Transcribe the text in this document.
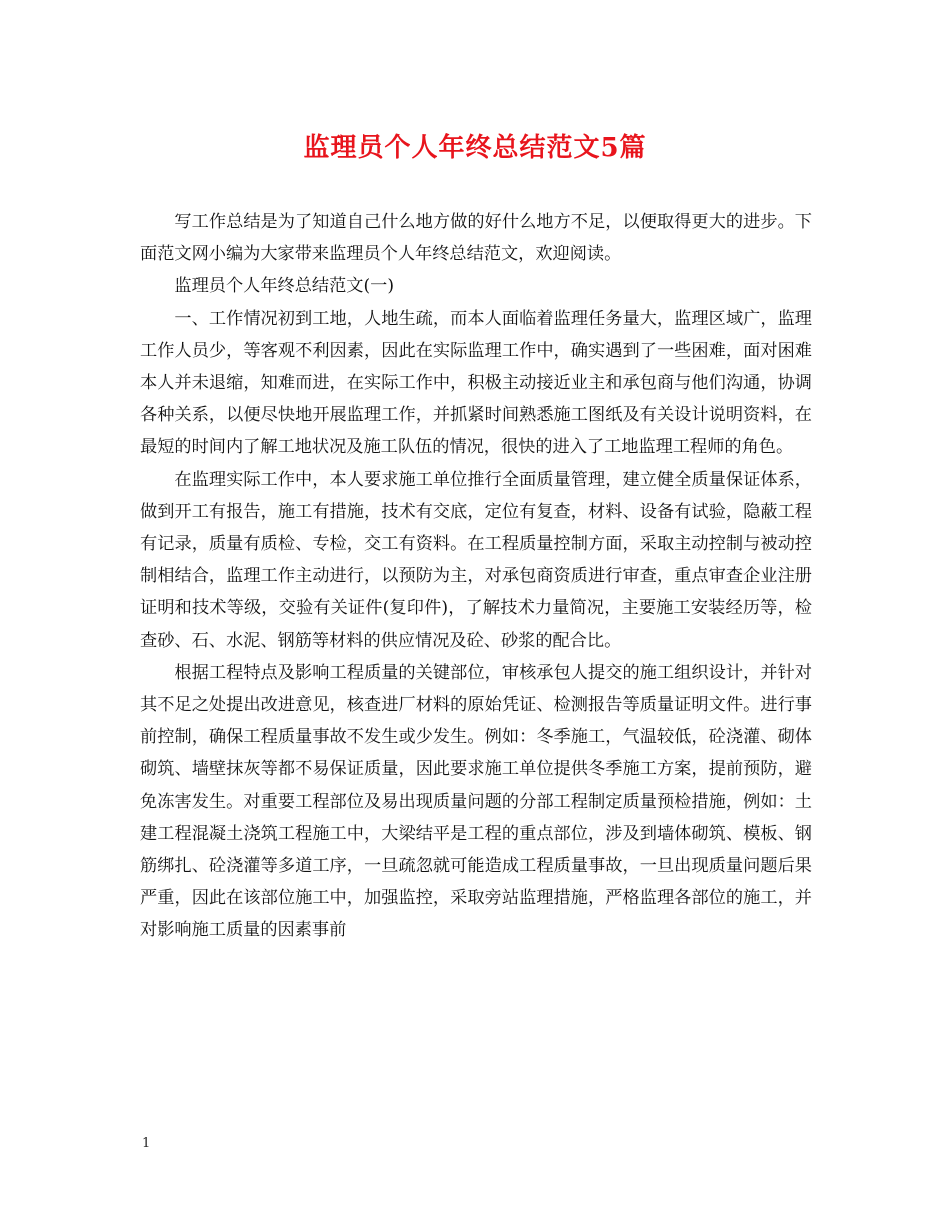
监理员个人年终总结范文5篇

写工作总结是为了知道自己什么地方做的好什么地方不足，以便取得更大的进步。下面范文网小编为大家带来监理员个人年终总结范文，欢迎阅读。

监理员个人年终总结范文(一)

一、工作情况初到工地，人地生疏，而本人面临着监理任务量大，监理区域广，监理工作人员少，等客观不利因素，因此在实际监理工作中，确实遇到了一些困难，面对困难本人并未退缩，知难而进，在实际工作中，积极主动接近业主和承包商与他们沟通，协调各种关系，以便尽快地开展监理工作，并抓紧时间熟悉施工图纸及有关设计说明资料，在最短的时间内了解工地状况及施工队伍的情况，很快的进入了工地监理工程师的角色。

在监理实际工作中，本人要求施工单位推行全面质量管理，建立健全质量保证体系，做到开工有报告，施工有措施，技术有交底，定位有复查，材料、设备有试验，隐蔽工程有记录，质量有质检、专检，交工有资料。在工程质量控制方面，采取主动控制与被动控制相结合，监理工作主动进行，以预防为主，对承包商资质进行审查，重点审查企业注册证明和技术等级，交验有关证件(复印件)，了解技术力量简况，主要施工安装经历等，检查砂、石、水泥、钢筋等材料的供应情况及砼、砂浆的配合比。

根据工程特点及影响工程质量的关键部位，审核承包人提交的施工组织设计，并针对其不足之处提出改进意见，核查进厂材料的原始凭证、检测报告等质量证明文件。进行事前控制，确保工程质量事故不发生或少发生。例如：冬季施工，气温较低，砼浇灌、砌体砌筑、墙壁抹灰等都不易保证质量，因此要求施工单位提供冬季施工方案，提前预防，避免冻害发生。对重要工程部位及易出现质量问题的分部工程制定质量预检措施，例如：土建工程混凝土浇筑工程施工中，大梁结平是工程的重点部位，涉及到墙体砌筑、模板、钢筋绑扎、砼浇灌等多道工序，一旦疏忽就可能造成工程质量事故，一旦出现质量问题后果严重，因此在该部位施工中，加强监控，采取旁站监理措施，严格监理各部位的施工，并对影响施工质量的因素事前

1
